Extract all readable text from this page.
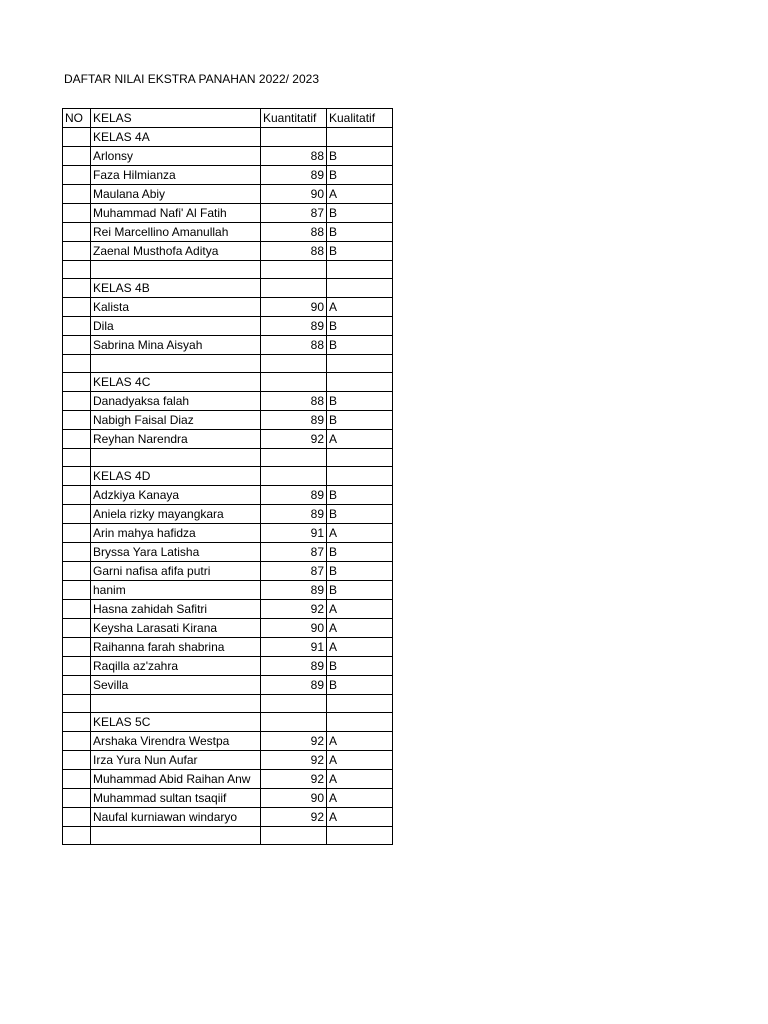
DAFTAR NILAI EKSTRA PANAHAN 2022/ 2023
NO	KELAS	Kuantitatif	Kualitatif
	KELAS 4A		
	Arlonsy	88	B
	Faza Hilmianza	89	B
	Maulana Abiy	90	A
	Muhammad Nafi' Al Fatih	87	B
	Rei Marcellino Amanullah	88	B
	Zaenal Musthofa Aditya	88	B

	KELAS 4B		
	Kalista	90	A
	Dila	89	B
	Sabrina Mina Aisyah	88	B

	KELAS 4C		
	Danadyaksa falah	88	B
	Nabigh Faisal Diaz	89	B
	Reyhan Narendra	92	A

	KELAS 4D		
	Adzkiya Kanaya	89	B
	Aniela rizky mayangkara	89	B
	Arin mahya hafidza	91	A
	Bryssa Yara Latisha	87	B
	Garni nafisa afifa putri	87	B
	hanim	89	B
	Hasna zahidah Safitri	92	A
	Keysha Larasati Kirana	90	A
	Raihanna farah shabrina	91	A
	Raqilla az'zahra	89	B
	Sevilla	89	B

	KELAS 5C		
	Arshaka Virendra Westpa	92	A
	Irza Yura Nun Aufar	92	A
	Muhammad Abid Raihan Anw	92	A
	Muhammad sultan tsaqiif	90	A
	Naufal kurniawan windaryo	92	A
